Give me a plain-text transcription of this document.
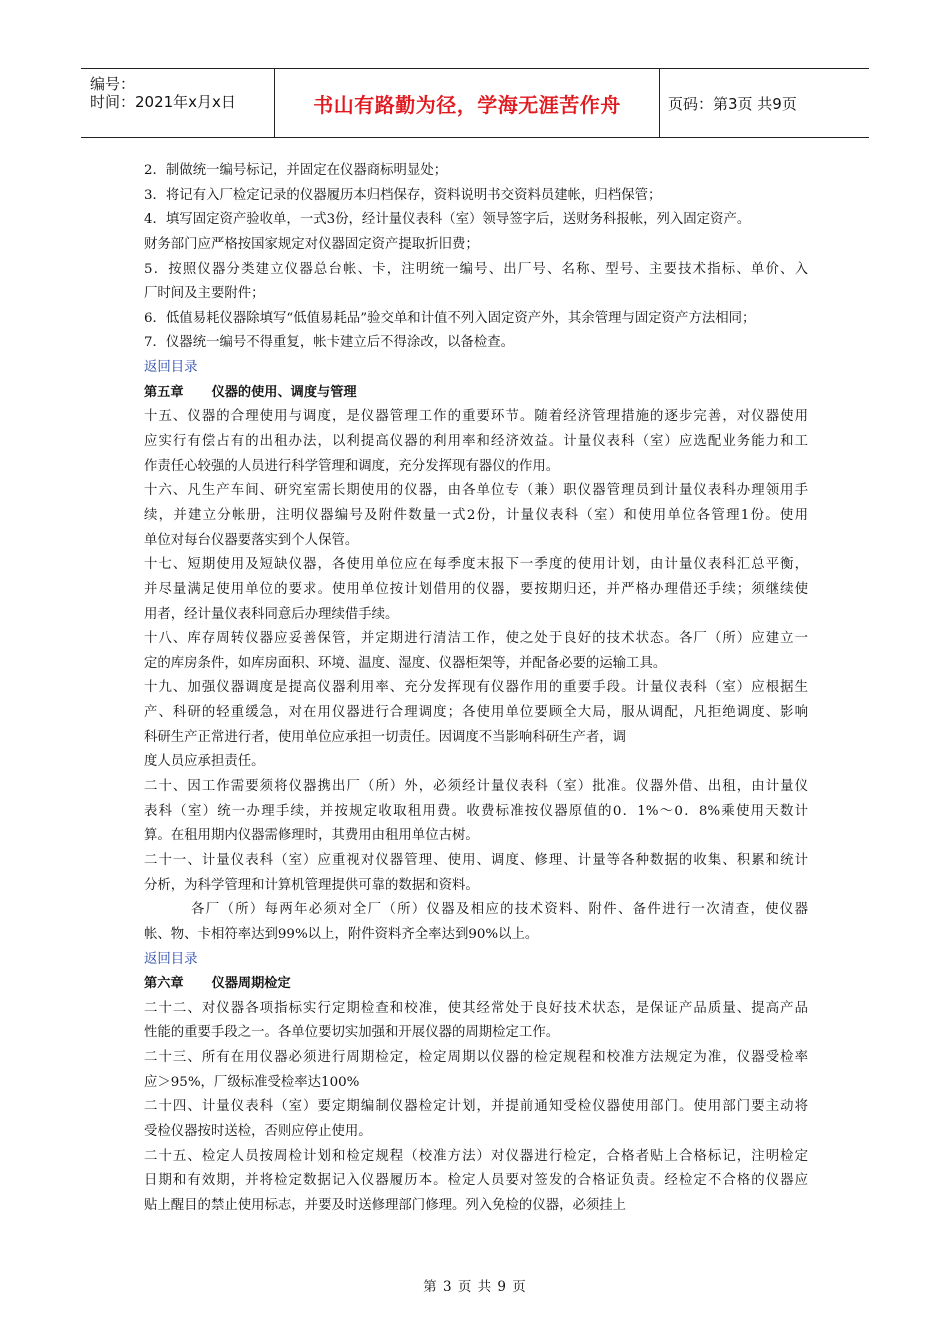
编号：
时间：2021年x月x日	书山有路勤为径，学海无涯苦作舟	页码：第3页 共9页
2．制做统一编号标记，并固定在仪器商标明显处；
3．将记有入厂检定记录的仪器履历本归档保存，资料说明书交资料员建帐，归档保管；
4．填写固定资产验收单，一式3份，经计量仪表科（室）领导签字后，送财务科报帐，列入固定资产。
财务部门应严格按国家规定对仪器固定资产提取折旧费；
5．按照仪器分类建立仪器总台帐、卡，注明统一编号、出厂号、名称、型号、主要技术指标、单价、入
厂时间及主要附件；
6．低值易耗仪器除填写“低值易耗品”验交单和计值不列入固定资产外，其余管理与固定资产方法相同；
7．仪器统一编号不得重复，帐卡建立后不得涂改，以备检查。
返回目录
第五章 仪器的使用、调度与管理
十五、仪器的合理使用与调度，是仪器管理工作的重要环节。随着经济管理措施的逐步完善，对仪器使用
应实行有偿占有的出租办法，以利提高仪器的利用率和经济效益。计量仪表科（室）应选配业务能力和工
作责任心较强的人员进行科学管理和调度，充分发挥现有器仪的作用。
十六、凡生产车间、研究室需长期使用的仪器，由各单位专（兼）职仪器管理员到计量仪表科办理领用手
续，并建立分帐册，注明仪器编号及附件数量一式2份，计量仪表科（室）和使用单位各管理1份。使用
单位对每台仪器要落实到个人保管。
十七、短期使用及短缺仪器，各使用单位应在每季度末报下一季度的使用计划，由计量仪表科汇总平衡，
并尽量满足使用单位的要求。使用单位按计划借用的仪器，要按期归还，并严格办理借还手续；须继续使
用者，经计量仪表科同意后办理续借手续。
十八、库存周转仪器应妥善保管，并定期进行清洁工作，使之处于良好的技术状态。各厂（所）应建立一
定的库房条件，如库房面积、环境、温度、湿度、仪器柜架等，并配备必要的运输工具。
十九、加强仪器调度是提高仪器利用率、充分发挥现有仪器作用的重要手段。计量仪表科（室）应根据生
产、科研的轻重缓急，对在用仪器进行合理调度；各使用单位要顾全大局，服从调配，凡拒绝调度、影响
科研生产正常进行者，使用单位应承担一切责任。因调度不当影响科研生产者，调
度人员应承担责任。
二十、因工作需要须将仪器携出厂（所）外，必须经计量仪表科（室）批准。仪器外借、出租，由计量仪
表科（室）统一办理手续，并按规定收取租用费。收费标准按仪器原值的0．1%～0．8%乘使用天数计
算。在租用期内仪器需修理时，其费用由租用单位古树。
二十一、计量仪表科（室）应重视对仪器管理、使用、调度、修理、计量等各种数据的收集、积累和统计
分析，为科学管理和计算机管理提供可靠的数据和资料。
各厂（所）每两年必须对全厂（所）仪器及相应的技术资料、附件、备件进行一次清查，使仪器
帐、物、卡相符率达到99%以上，附件资料齐全率达到90%以上。
返回目录
第六章 仪器周期检定
二十二、对仪器各项指标实行定期检查和校准，使其经常处于良好技术状态，是保证产品质量、提高产品
性能的重要手段之一。各单位要切实加强和开展仪器的周期检定工作。
二十三、所有在用仪器必须进行周期检定，检定周期以仪器的检定规程和校准方法规定为准，仪器受检率
应＞95%，厂级标准受检率达100%
二十四、计量仪表科（室）要定期编制仪器检定计划，并提前通知受检仪器使用部门。使用部门要主动将
受检仪器按时送检，否则应停止使用。
二十五、检定人员按周检计划和检定规程（校准方法）对仪器进行检定，合格者贴上合格标记，注明检定
日期和有效期，并将检定数据记入仪器履历本。检定人员要对签发的合格证负责。经检定不合格的仪器应
贴上醒目的禁止使用标志，并要及时送修理部门修理。列入免检的仪器，必须挂上
第 3 页 共 9 页
